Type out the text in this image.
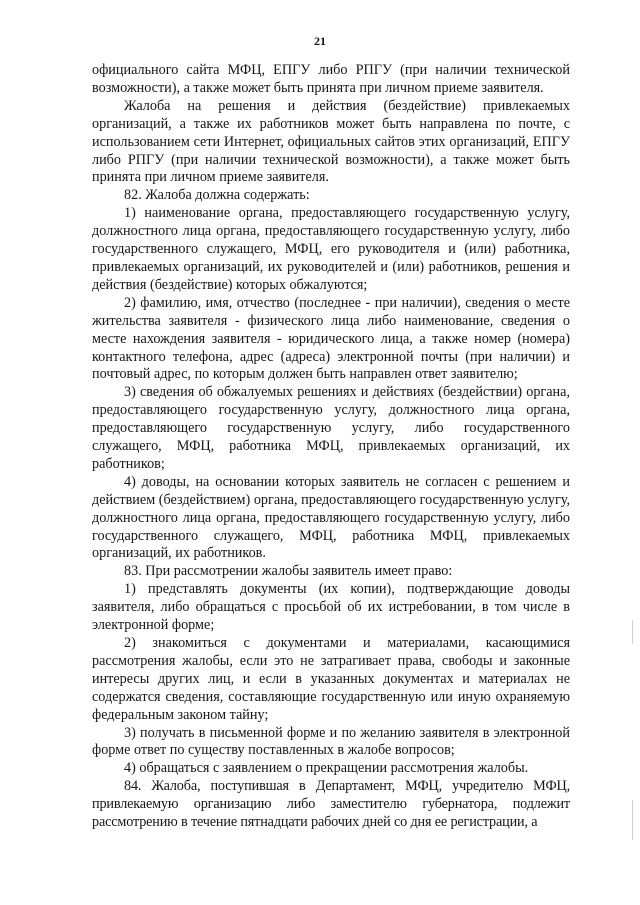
21

официального сайта МФЦ, ЕПГУ либо РПГУ (при наличии технической возможности), а также может быть принята при личном приеме заявителя.

Жалоба на решения и действия (бездействие) привлекаемых организаций, а также их работников может быть направлена по почте, с использованием сети Интернет, официальных сайтов этих организаций, ЕПГУ либо РПГУ (при наличии технической возможности), а также может быть принята при личном приеме заявителя.

82. Жалоба должна содержать:

1) наименование органа, предоставляющего государственную услугу, должностного лица органа, предоставляющего государственную услугу, либо государственного служащего, МФЦ, его руководителя и (или) работника, привлекаемых организаций, их руководителей и (или) работников, решения и действия (бездействие) которых обжалуются;

2) фамилию, имя, отчество (последнее - при наличии), сведения о месте жительства заявителя - физического лица либо наименование, сведения о месте нахождения заявителя - юридического лица, а также номер (номера) контактного телефона, адрес (адреса) электронной почты (при наличии) и почтовый адрес, по которым должен быть направлен ответ заявителю;

3) сведения об обжалуемых решениях и действиях (бездействии) органа, предоставляющего государственную услугу, должностного лица органа, предоставляющего государственную услугу, либо государственного служащего, МФЦ, работника МФЦ, привлекаемых организаций, их работников;

4) доводы, на основании которых заявитель не согласен с решением и действием (бездействием) органа, предоставляющего государственную услугу, должностного лица органа, предоставляющего государственную услугу, либо государственного служащего, МФЦ, работника МФЦ, привлекаемых организаций, их работников.

83. При рассмотрении жалобы заявитель имеет право:

1) представлять документы (их копии), подтверждающие доводы заявителя, либо обращаться с просьбой об их истребовании, в том числе в электронной форме;

2) знакомиться с документами и материалами, касающимися рассмотрения жалобы, если это не затрагивает права, свободы и законные интересы других лиц, и если в указанных документах и материалах не содержатся сведения, составляющие государственную или иную охраняемую федеральным законом тайну;

3) получать в письменной форме и по желанию заявителя в электронной форме ответ по существу поставленных в жалобе вопросов;

4) обращаться с заявлением о прекращении рассмотрения жалобы.

84. Жалоба, поступившая в Департамент, МФЦ, учредителю МФЦ, привлекаемую организацию либо заместителю губернатора, подлежит рассмотрению в течение пятнадцати рабочих дней со дня ее регистрации, а
